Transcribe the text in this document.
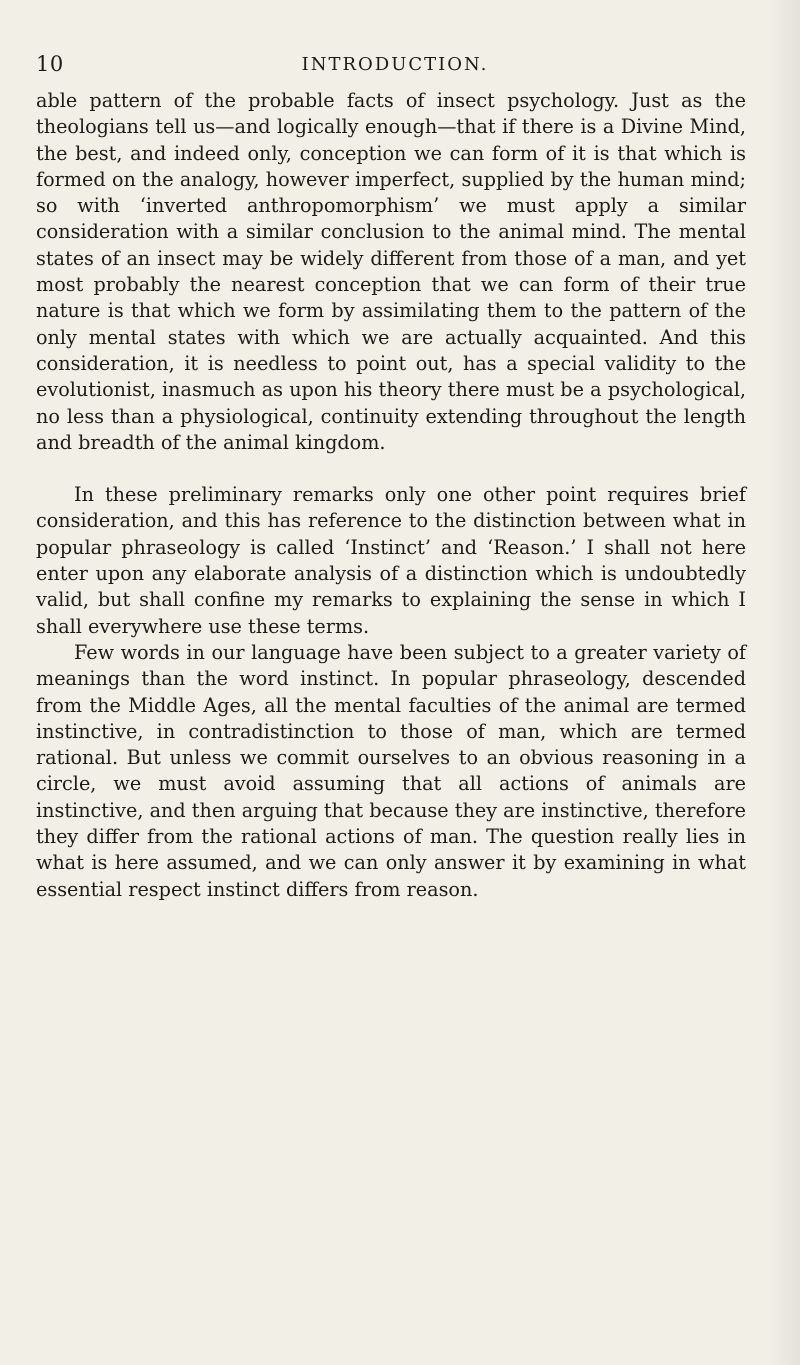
10	INTRODUCTION.

able pattern of the probable facts of insect psychology. Just as the theologians tell us—and logically enough—that if there is a Divine Mind, the best, and indeed only, conception we can form of it is that which is formed on the analogy, however imperfect, supplied by the human mind; so with ‘inverted anthropomorphism’ we must apply a similar consideration with a similar conclusion to the animal mind. The mental states of an insect may be widely different from those of a man, and yet most probably the nearest conception that we can form of their true nature is that which we form by assimilating them to the pattern of the only mental states with which we are actually acquainted. And this consideration, it is needless to point out, has a special validity to the evolutionist, inasmuch as upon his theory there must be a psychological, no less than a physiological, continuity extending throughout the length and breadth of the animal kingdom.

In these preliminary remarks only one other point requires brief consideration, and this has reference to the distinction between what in popular phraseology is called ‘Instinct’ and ‘Reason.’ I shall not here enter upon any elaborate analysis of a distinction which is undoubtedly valid, but shall confine my remarks to explaining the sense in which I shall everywhere use these terms.

Few words in our language have been subject to a greater variety of meanings than the word instinct. In popular phraseology, descended from the Middle Ages, all the mental faculties of the animal are termed instinctive, in contradistinction to those of man, which are termed rational. But unless we commit ourselves to an obvious reasoning in a circle, we must avoid assuming that all actions of animals are instinctive, and then arguing that because they are instinctive, therefore they differ from the rational actions of man. The question really lies in what is here assumed, and we can only answer it by examining in what essential respect instinct differs from reason.
